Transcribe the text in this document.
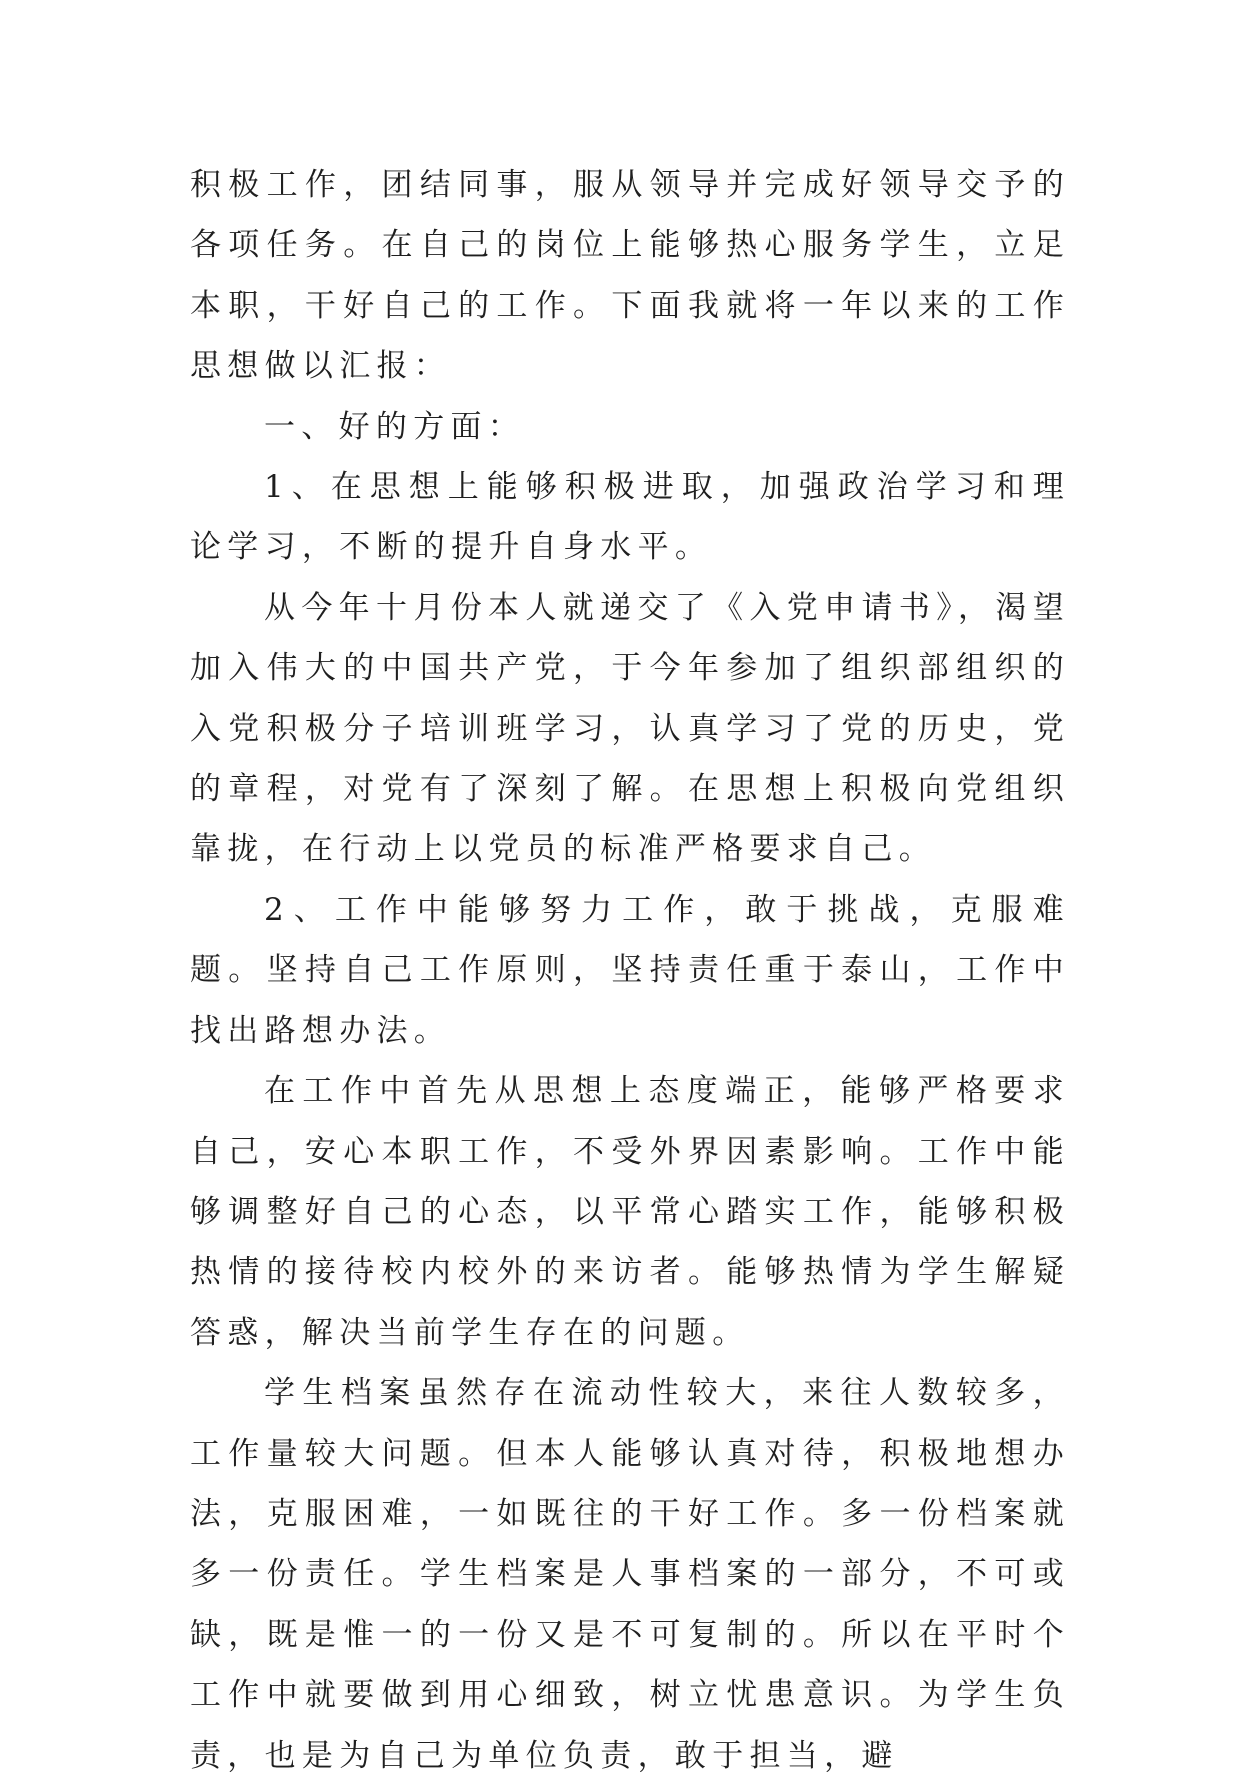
积极工作，团结同事，服从领导并完成好领导交予的各项任务。在自己的岗位上能够热心服务学生，立足本职，干好自己的工作。下面我就将一年以来的工作思想做以汇报：

一、好的方面：

1、在思想上能够积极进取，加强政治学习和理论学习，不断的提升自身水平。

从今年十月份本人就递交了《入党申请书》，渴望加入伟大的中国共产党，于今年参加了组织部组织的入党积极分子培训班学习，认真学习了党的历史，党的章程，对党有了深刻了解。在思想上积极向党组织靠拢，在行动上以党员的标准严格要求自己。

2、工作中能够努力工作，敢于挑战，克服难题。坚持自己工作原则，坚持责任重于泰山，工作中找出路想办法。

在工作中首先从思想上态度端正，能够严格要求自己，安心本职工作，不受外界因素影响。工作中能够调整好自己的心态，以平常心踏实工作，能够积极热情的接待校内校外的来访者。能够热情为学生解疑答惑，解决当前学生存在的问题。

学生档案虽然存在流动性较大，来往人数较多，工作量较大问题。但本人能够认真对待，积极地想办法，克服困难，一如既往的干好工作。多一份档案就多一份责任。学生档案是人事档案的一部分，不可或缺，既是惟一的一份又是不可复制的。所以在平时个工作中就要做到用心细致，树立忧患意识。为学生负责，也是为自己为单位负责，敢于担当，避
